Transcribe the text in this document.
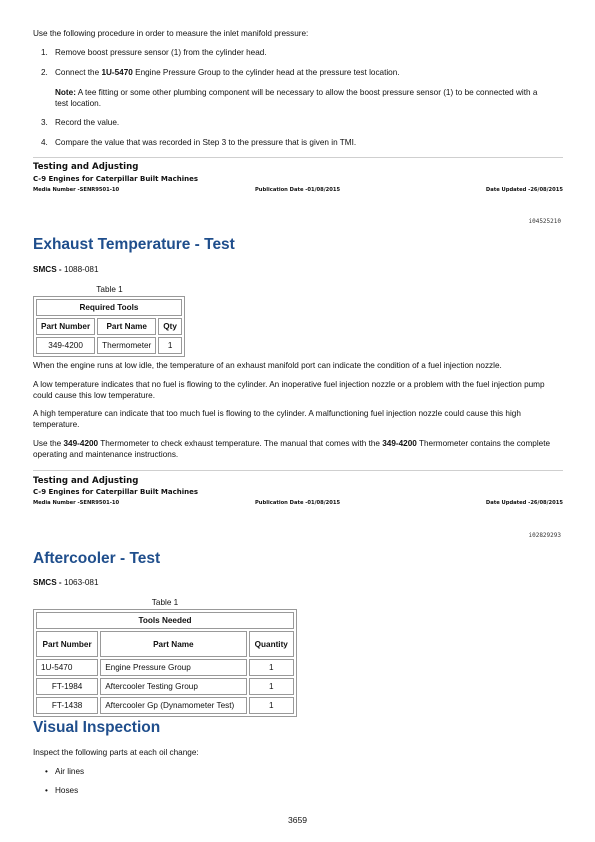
Use the following procedure in order to measure the inlet manifold pressure:

1. Remove boost pressure sensor (1) from the cylinder head.
2. Connect the 1U-5470 Engine Pressure Group to the cylinder head at the pressure test location.
Note: A tee fitting or some other plumbing component will be necessary to allow the boost pressure sensor (1) to be connected with a test location.
3. Record the value.
4. Compare the value that was recorded in Step 3 to the pressure that is given in TMI.
Testing and Adjusting
C-9 Engines for Caterpillar Built Machines
Media Number -SENR9501-10	Publication Date -01/08/2015	Date Updated -26/08/2015
i04525210
Exhaust Temperature - Test
SMCS - 1088-081
Table 1
Required Tools		
Part Number	Part Name	Qty
349-4200	Thermometer	1

When the engine runs at low idle, the temperature of an exhaust manifold port can indicate the condition of a fuel injection nozzle.

A low temperature indicates that no fuel is flowing to the cylinder. An inoperative fuel injection nozzle or a problem with the fuel injection pump could cause this low temperature.

A high temperature can indicate that too much fuel is flowing to the cylinder. A malfunctioning fuel injection nozzle could cause this high temperature.

Use the 349-4200 Thermometer to check exhaust temperature. The manual that comes with the 349-4200 Thermometer contains the complete operating and maintenance instructions.

Testing and Adjusting
C-9 Engines for Caterpillar Built Machines
Media Number -SENR9501-10	Publication Date -01/08/2015	Date Updated -26/08/2015
i02829293
Aftercooler - Test
SMCS - 1063-081
Table 1
Tools Needed		
Part Number	Part Name	Quantity
1U-5470	Engine Pressure Group	1
FT-1984	Aftercooler Testing Group	1
FT-1438	Aftercooler Gp (Dynamometer Test)	1
Visual Inspection

Inspect the following parts at each oil change:

• Air lines
• Hoses
3659
